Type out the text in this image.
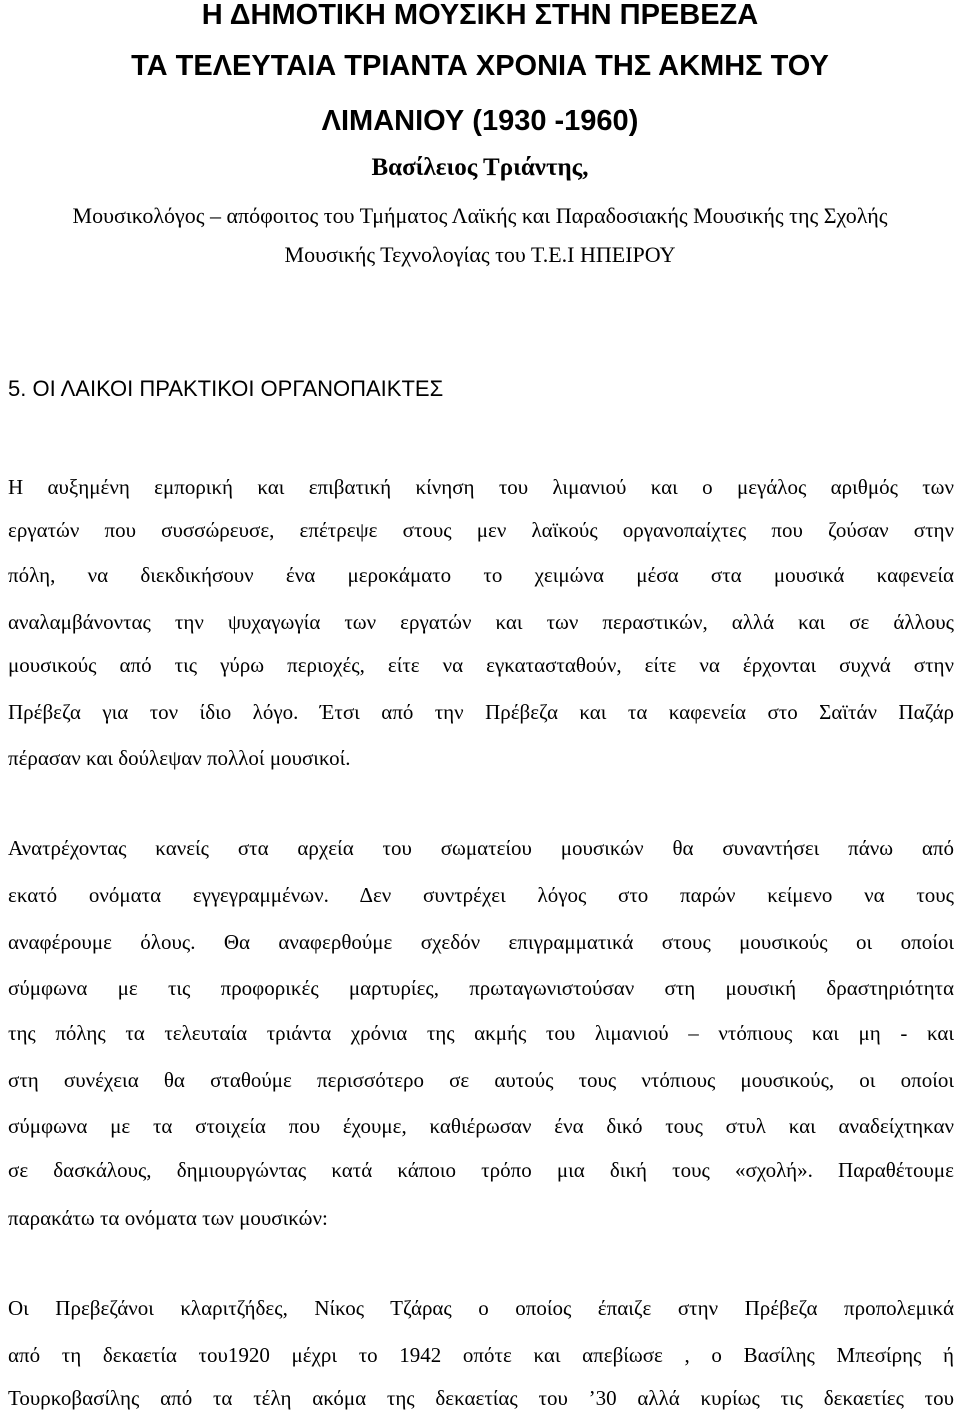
Η ΔΗΜΟΤΙΚΗ ΜΟΥΣΙΚΗ ΣΤΗΝ ΠΡΕΒΕΖΑ
ΤΑ ΤΕΛΕΥΤΑΙΑ ΤΡΙΑΝΤΑ ΧΡΟΝΙΑ ΤΗΣ ΑΚΜΗΣ ΤΟΥ
ΛΙΜΑΝΙΟΥ (1930 -1960)
Βασίλειος Τριάντης,
Μουσικολόγος – απόφοιτος του Τμήματος Λαϊκής και Παραδοσιακής Μουσικής της Σχολής
Μουσικής Τεχνολογίας του Τ.Ε.Ι ΗΠΕΙΡΟΥ
5. ΟΙ ΛΑΙΚΟΙ ΠΡΑΚΤΙΚΟΙ ΟΡΓΑΝΟΠΑΙΚΤΕΣ
Η αυξημένη εμπορική και επιβατική κίνηση του λιμανιού και ο μεγάλος αριθμός των
εργατών που συσσώρευσε, επέτρεψε στους μεν λαϊκούς οργανοπαίχτες που ζούσαν στην
πόλη, να διεκδικήσουν ένα μεροκάματο το χειμώνα μέσα στα μουσικά καφενεία
αναλαμβάνοντας την ψυχαγωγία των εργατών και των περαστικών, αλλά και σε άλλους
μουσικούς από τις γύρω περιοχές, είτε να εγκατασταθούν, είτε να έρχονται συχνά στην
Πρέβεζα για τον ίδιο λόγο. Έτσι από την Πρέβεζα και τα καφενεία στο Σαϊτάν Παζάρ
πέρασαν και δούλεψαν πολλοί μουσικοί.
Ανατρέχοντας κανείς στα αρχεία του σωματείου μουσικών θα συναντήσει πάνω από
εκατό ονόματα εγγεγραμμένων. Δεν συντρέχει λόγος στο παρών κείμενο να τους
αναφέρουμε όλους. Θα αναφερθούμε σχεδόν επιγραμματικά στους μουσικούς οι οποίοι
σύμφωνα με τις προφορικές μαρτυρίες, πρωταγωνιστούσαν στη μουσική δραστηριότητα
της πόλης τα τελευταία τριάντα χρόνια της ακμής του λιμανιού – ντόπιους και μη - και
στη συνέχεια θα σταθούμε περισσότερο σε αυτούς τους ντόπιους μουσικούς, οι οποίοι
σύμφωνα με τα στοιχεία που έχουμε, καθιέρωσαν ένα δικό τους στυλ και αναδείχτηκαν
σε δασκάλους, δημιουργώντας κατά κάποιο τρόπο μια δική τους «σχολή». Παραθέτουμε
παρακάτω τα ονόματα των μουσικών:
Οι Πρεβεζάνοι κλαριτζήδες, Νίκος Τζάρας ο οποίος έπαιζε στην Πρέβεζα προπολεμικά
από τη δεκαετία του1920 μέχρι το 1942 οπότε και απεβίωσε , ο Βασίλης Μπεσίρης ή
Τουρκοβασίλης από τα τέλη ακόμα της δεκαετίας του ’30 αλλά κυρίως τις δεκαετίες του
